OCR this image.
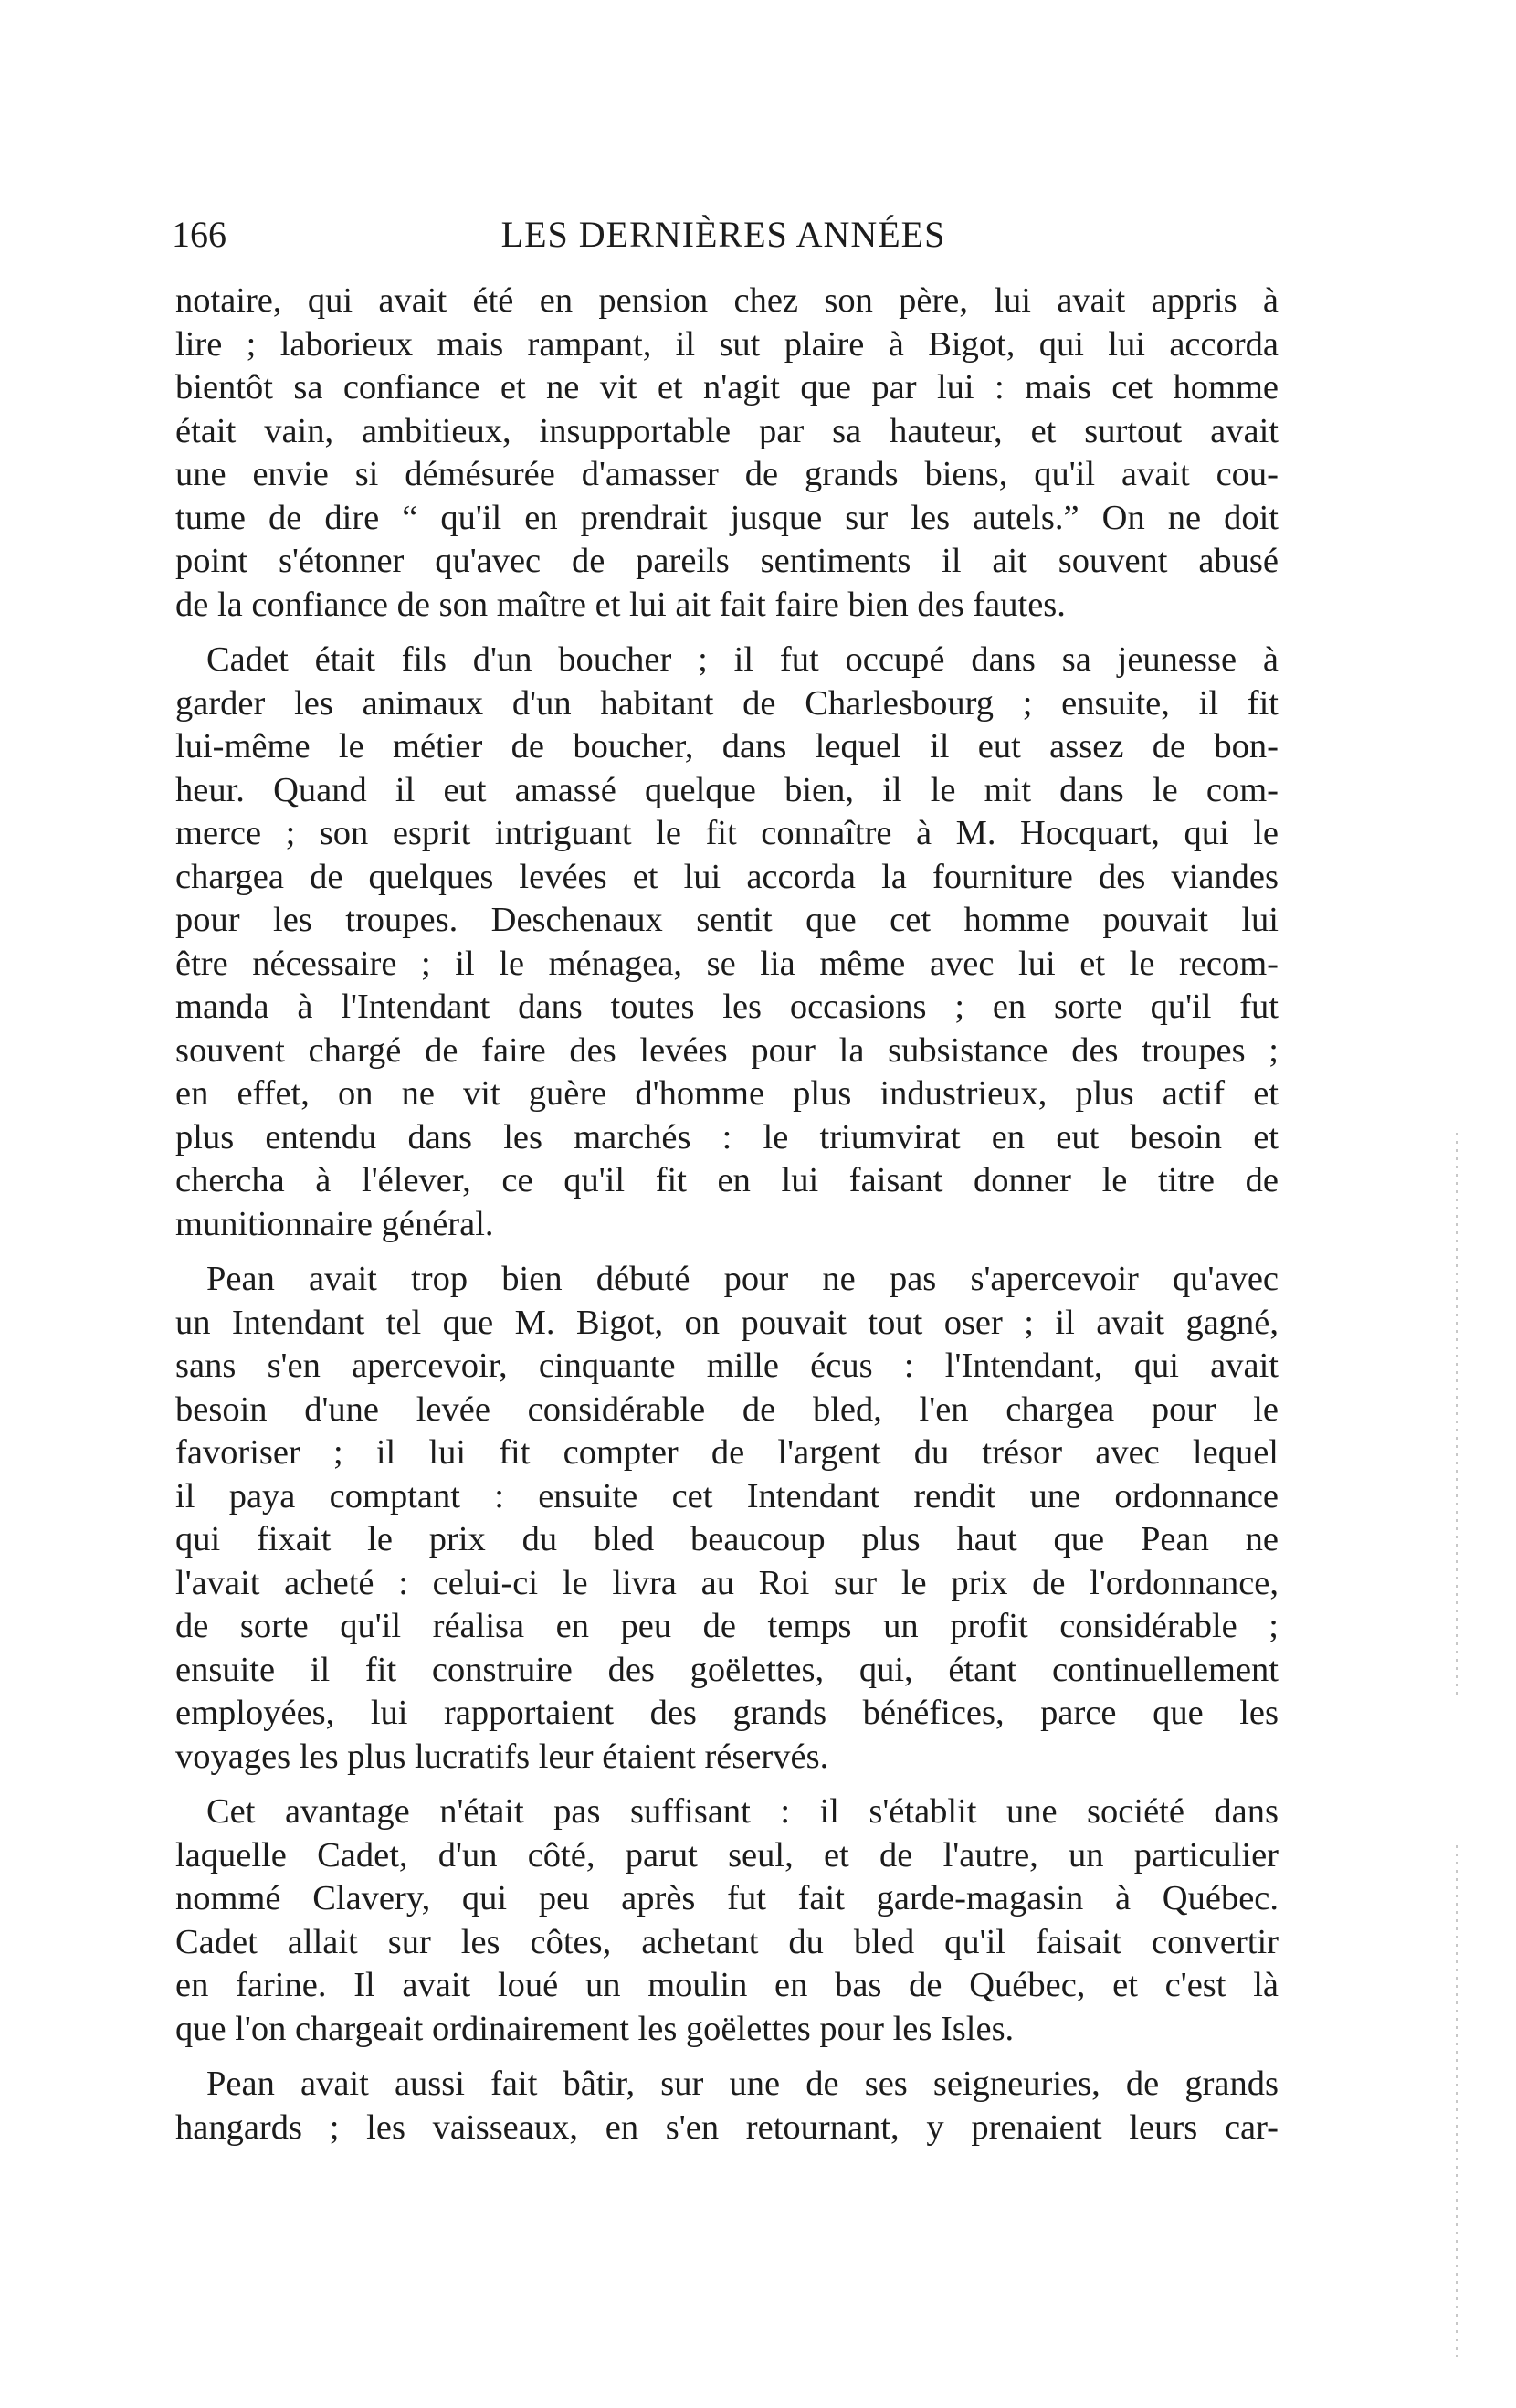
166	LES DERNIÈRES ANNÉES

notaire, qui avait été en pension chez son père, lui avait appris à
lire ; laborieux mais rampant, il sut plaire à Bigot, qui lui accorda
bientôt sa confiance et ne vit et n'agit que par lui : mais cet homme
était vain, ambitieux, insupportable par sa hauteur, et surtout avait
une envie si démésurée d'amasser de grands biens, qu'il avait cou-
tume de dire “ qu'il en prendrait jusque sur les autels.” On ne doit
point s'étonner qu'avec de pareils sentiments il ait souvent abusé
de la confiance de son maître et lui ait fait faire bien des fautes.

Cadet était fils d'un boucher ; il fut occupé dans sa jeunesse à
garder les animaux d'un habitant de Charlesbourg ; ensuite, il fit
lui-même le métier de boucher, dans lequel il eut assez de bon-
heur. Quand il eut amassé quelque bien, il le mit dans le com-
merce ; son esprit intriguant le fit connaître à M. Hocquart, qui le
chargea de quelques levées et lui accorda la fourniture des viandes
pour les troupes. Deschenaux sentit que cet homme pouvait lui
être nécessaire ; il le ménagea, se lia même avec lui et le recom-
manda à l'Intendant dans toutes les occasions ; en sorte qu'il fut
souvent chargé de faire des levées pour la subsistance des troupes ;
en effet, on ne vit guère d'homme plus industrieux, plus actif et
plus entendu dans les marchés : le triumvirat en eut besoin et
chercha à l'élever, ce qu'il fit en lui faisant donner le titre de
munitionnaire général.

Pean avait trop bien débuté pour ne pas s'apercevoir qu'avec
un Intendant tel que M. Bigot, on pouvait tout oser ; il avait gagné,
sans s'en apercevoir, cinquante mille écus : l'Intendant, qui avait
besoin d'une levée considérable de bled, l'en chargea pour le
favoriser ; il lui fit compter de l'argent du trésor avec lequel
il paya comptant : ensuite cet Intendant rendit une ordonnance
qui fixait le prix du bled beaucoup plus haut que Pean ne
l'avait acheté : celui-ci le livra au Roi sur le prix de l'ordonnance,
de sorte qu'il réalisa en peu de temps un profit considérable ;
ensuite il fit construire des goëlettes, qui, étant continuellement
employées, lui rapportaient des grands bénéfices, parce que les
voyages les plus lucratifs leur étaient réservés.

Cet avantage n'était pas suffisant : il s'établit une société dans
laquelle Cadet, d'un côté, parut seul, et de l'autre, un particulier
nommé Clavery, qui peu après fut fait garde-magasin à Québec.
Cadet allait sur les côtes, achetant du bled qu'il faisait convertir
en farine. Il avait loué un moulin en bas de Québec, et c'est là
que l'on chargeait ordinairement les goëlettes pour les Isles.

Pean avait aussi fait bâtir, sur une de ses seigneuries, de grands
hangards ; les vaisseaux, en s'en retournant, y prenaient leurs car-
